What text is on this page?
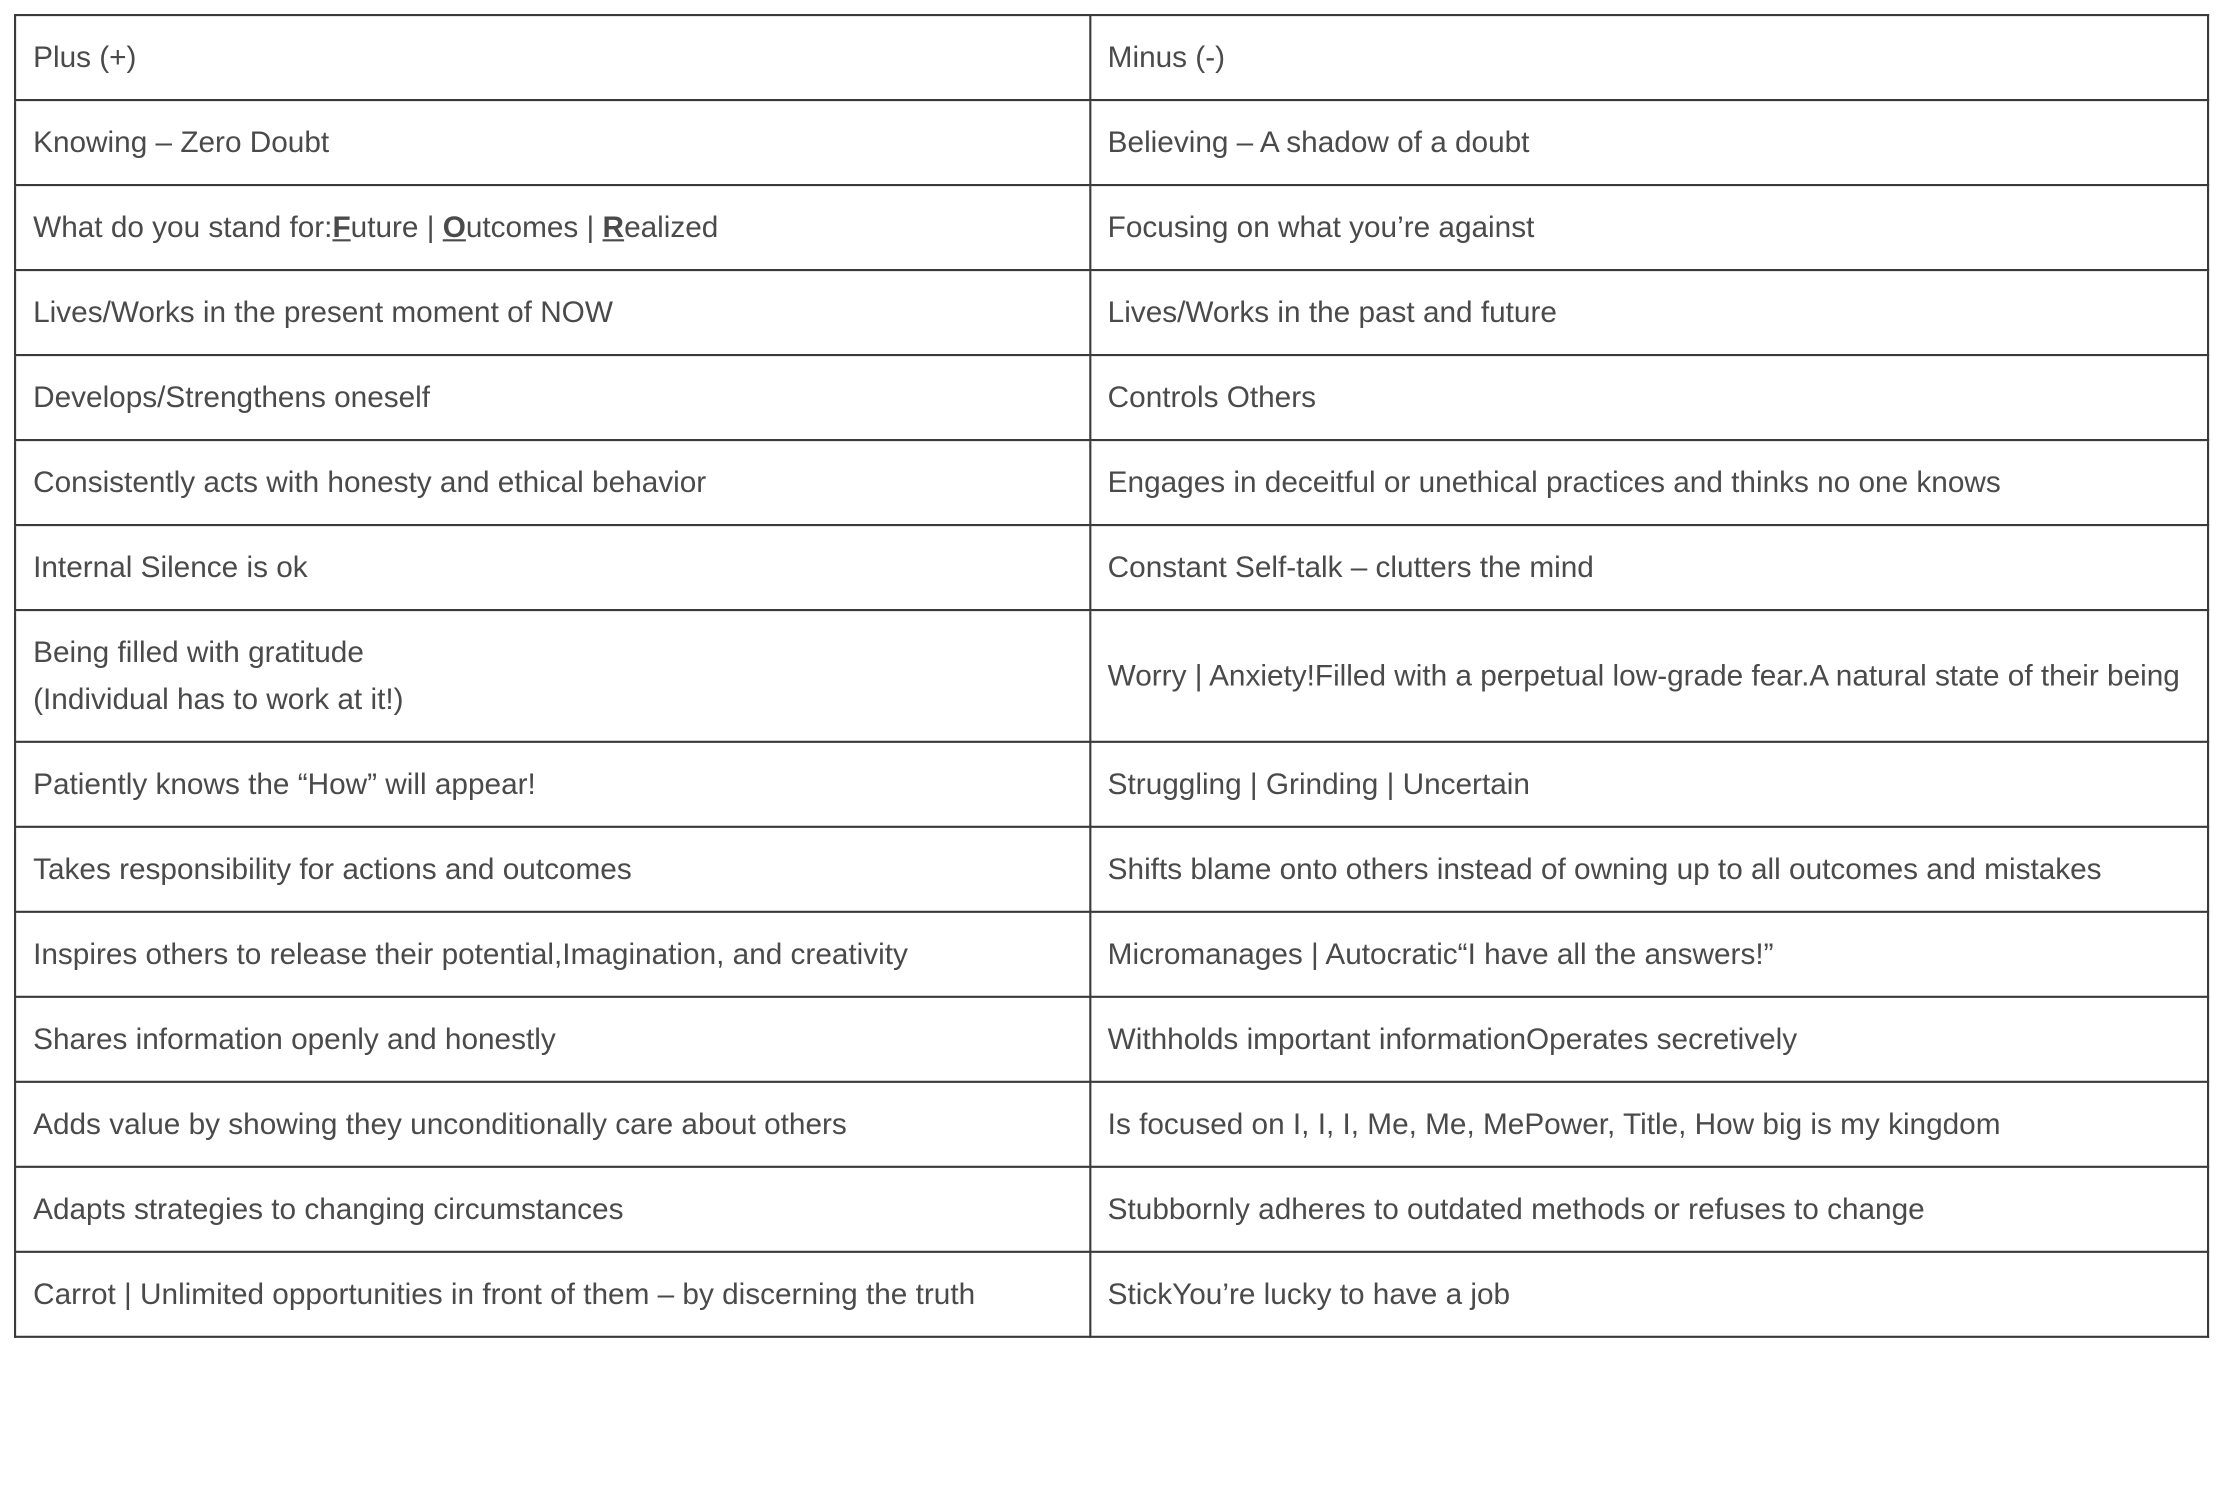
Plus (+)	Minus (-)
Knowing – Zero Doubt	Believing – A shadow of a doubt
What do you stand for:Future | Outcomes | Realized	Focusing on what you’re against
Lives/Works in the present moment of NOW	Lives/Works in the past and future
Develops/Strengthens oneself	Controls Others
Consistently acts with honesty and ethical behavior	Engages in deceitful or unethical practices and thinks no one knows
Internal Silence is ok	Constant Self-talk – clutters the mind
Being filled with gratitude
(Individual has to work at it!)	Worry | Anxiety!Filled with a perpetual low-grade fear.A natural state of their being
Patiently knows the “How” will appear!	Struggling | Grinding | Uncertain
Takes responsibility for actions and outcomes	Shifts blame onto others instead of owning up to all outcomes and mistakes
Inspires others to release their potential,Imagination, and creativity	Micromanages | Autocratic“I have all the answers!”
Shares information openly and honestly	Withholds important informationOperates secretively
Adds value by showing they unconditionally care about others	Is focused on I, I, I, Me, Me, MePower, Title, How big is my kingdom
Adapts strategies to changing circumstances	Stubbornly adheres to outdated methods or refuses to change
Carrot | Unlimited opportunities in front of them – by discerning the truth	StickYou’re lucky to have a job
